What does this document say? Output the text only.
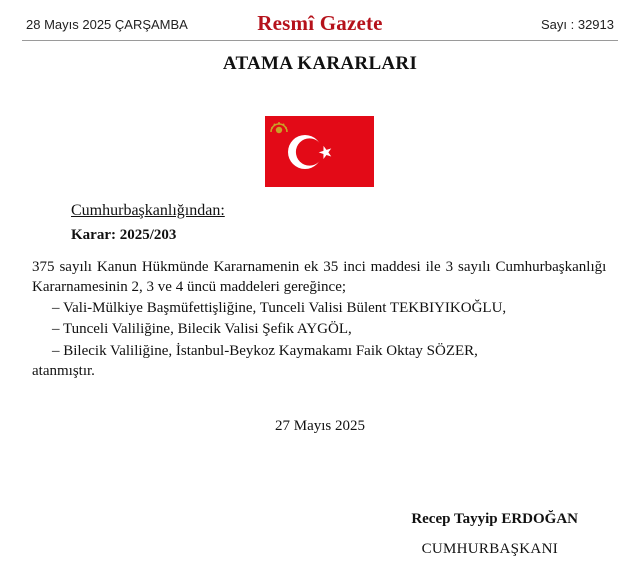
28 Mayıs 2025 ÇARŞAMBA	Resmî Gazete	Sayı : 32913
ATAMA KARARLARI
Cumhurbaşkanlığından:
Karar: 2025/203
375 sayılı Kanun Hükmünde Kararnamenin ek 35 inci maddesi ile 3 sayılı Cumhurbaşkanlığı
Kararnamesinin 2, 3 ve 4 üncü maddeleri gereğince;
– Vali-Mülkiye Başmüfettişliğine, Tunceli Valisi Bülent TEKBIYIKOĞLU,
– Tunceli Valiliğine, Bilecik Valisi Şefik AYGÖL,
– Bilecik Valiliğine, İstanbul-Beykoz Kaymakamı Faik Oktay SÖZER,
atanmıştır.
27 Mayıs 2025
Recep Tayyip ERDOĞAN
CUMHURBAŞKANI
